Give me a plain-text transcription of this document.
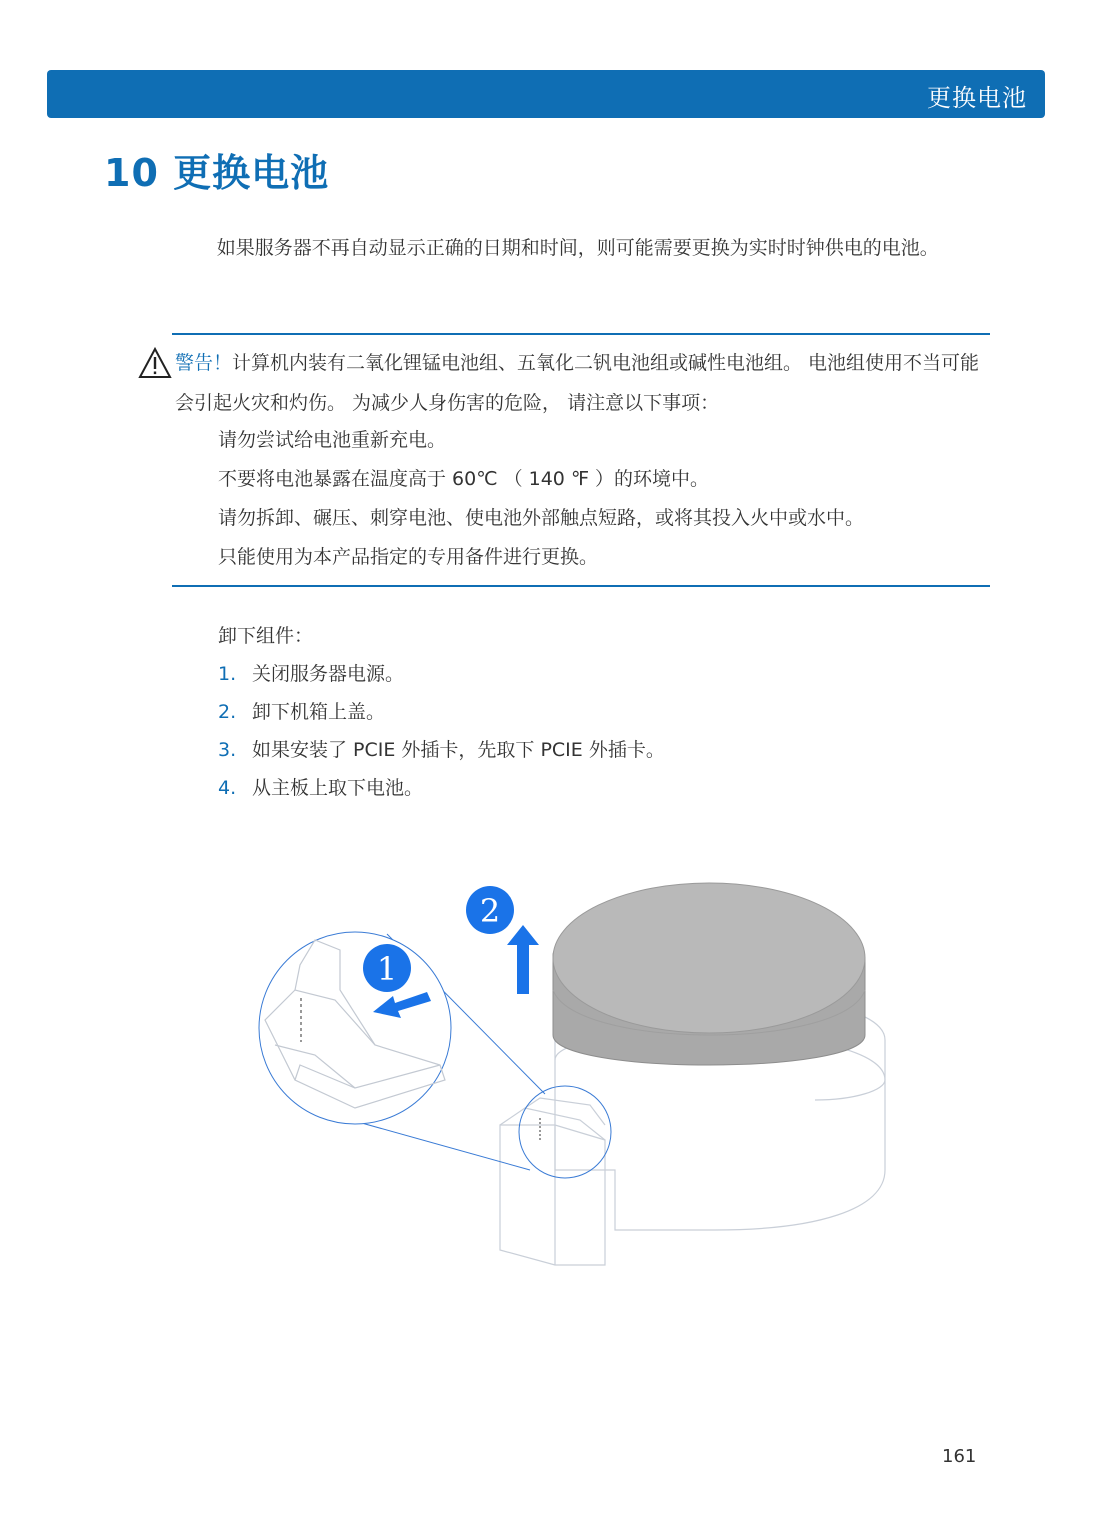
更换电池
10 更换电池
如果服务器不再自动显示正确的日期和时间，则可能需要更换为实时时钟供电的电池。
警告！计算机内装有二氧化锂锰电池组、五氧化二钒电池组或碱性电池组。 电池组使用不当可能会引起火灾和灼伤。 为减少人身伤害的危险， 请注意以下事项：
请勿尝试给电池重新充电。
不要将电池暴露在温度高于 60℃ （ 140 ℉ ）的环境中。
请勿拆卸、碾压、刺穿电池、使电池外部触点短路，或将其投入火中或水中。
只能使用为本产品指定的专用备件进行更换。
卸下组件：
1. 关闭服务器电源。
2. 卸下机箱上盖。
3. 如果安装了 PCIE 外插卡，先取下 PCIE 外插卡。
4. 从主板上取下电池。
1
2
161
